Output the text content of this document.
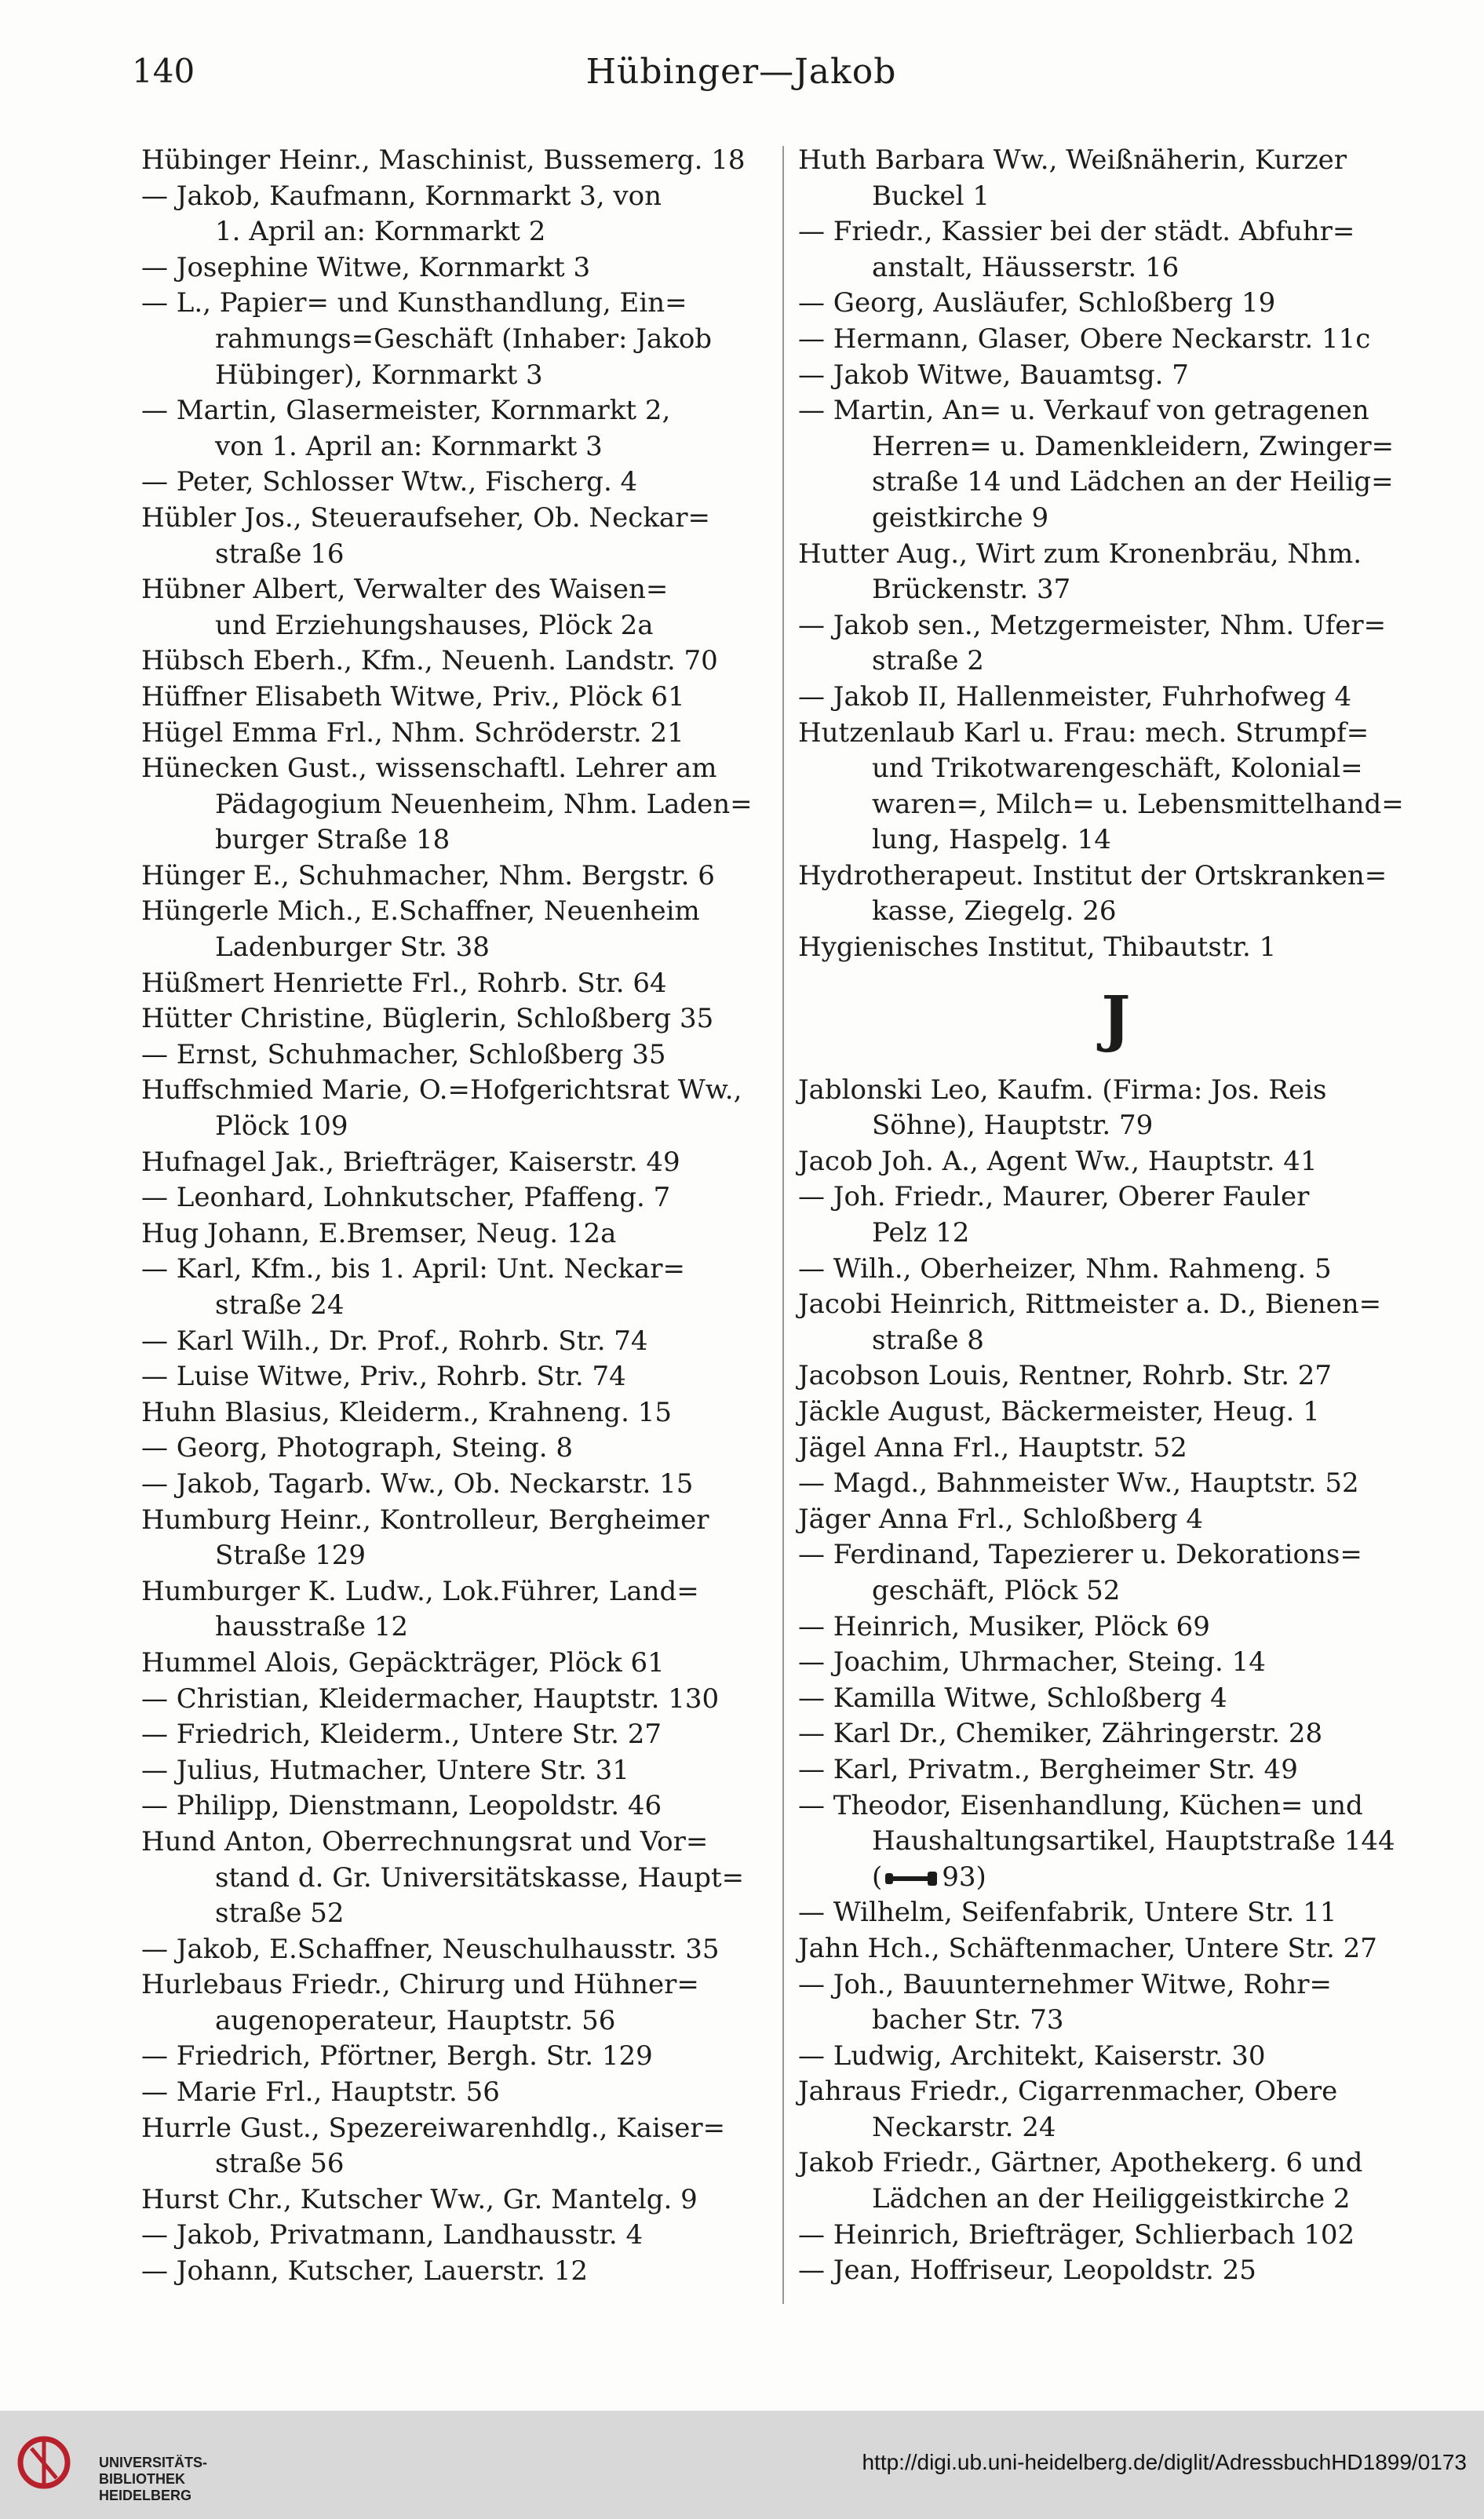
140	Hübinger—Jakob
Hübinger Heinr., Maschinist, Bussemerg. 18
— Jakob, Kaufmann, Kornmarkt 3, von
1. April an: Kornmarkt 2
— Josephine Witwe, Kornmarkt 3
— L., Papier= und Kunsthandlung, Ein=
rahmungs=Geschäft (Inhaber: Jakob
Hübinger), Kornmarkt 3
— Martin, Glasermeister, Kornmarkt 2,
von 1. April an: Kornmarkt 3
— Peter, Schlosser Wtw., Fischerg. 4
Hübler Jos., Steueraufseher, Ob. Neckar=
straße 16
Hübner Albert, Verwalter des Waisen=
und Erziehungshauses, Plöck 2a
Hübsch Eberh., Kfm., Neuenh. Landstr. 70
Hüffner Elisabeth Witwe, Priv., Plöck 61
Hügel Emma Frl., Nhm. Schröderstr. 21
Hünecken Gust., wissenschaftl. Lehrer am
Pädagogium Neuenheim, Nhm. Laden=
burger Straße 18
Hünger E., Schuhmacher, Nhm. Bergstr. 6
Hüngerle Mich., E.Schaffner, Neuenheim
Ladenburger Str. 38
Hüßmert Henriette Frl., Rohrb. Str. 64
Hütter Christine, Büglerin, Schloßberg 35
— Ernst, Schuhmacher, Schloßberg 35
Huffschmied Marie, O.=Hofgerichtsrat Ww.,
Plöck 109
Hufnagel Jak., Briefträger, Kaiserstr. 49
— Leonhard, Lohnkutscher, Pfaffeng. 7
Hug Johann, E.Bremser, Neug. 12a
— Karl, Kfm., bis 1. April: Unt. Neckar=
straße 24
— Karl Wilh., Dr. Prof., Rohrb. Str. 74
— Luise Witwe, Priv., Rohrb. Str. 74
Huhn Blasius, Kleiderm., Krahneng. 15
— Georg, Photograph, Steing. 8
— Jakob, Tagarb. Ww., Ob. Neckarstr. 15
Humburg Heinr., Kontrolleur, Bergheimer
Straße 129
Humburger K. Ludw., Lok.Führer, Land=
hausstraße 12
Hummel Alois, Gepäckträger, Plöck 61
— Christian, Kleidermacher, Hauptstr. 130
— Friedrich, Kleiderm., Untere Str. 27
— Julius, Hutmacher, Untere Str. 31
— Philipp, Dienstmann, Leopoldstr. 46
Hund Anton, Oberrechnungsrat und Vor=
stand d. Gr. Universitätskasse, Haupt=
straße 52
— Jakob, E.Schaffner, Neuschulhausstr. 35
Hurlebaus Friedr., Chirurg und Hühner=
augenoperateur, Hauptstr. 56
— Friedrich, Pförtner, Bergh. Str. 129
— Marie Frl., Hauptstr. 56
Hurrle Gust., Spezereiwarenhdlg., Kaiser=
straße 56
Hurst Chr., Kutscher Ww., Gr. Mantelg. 9
— Jakob, Privatmann, Landhausstr. 4
— Johann, Kutscher, Lauerstr. 12
Huth Barbara Ww., Weißnäherin, Kurzer
Buckel 1
— Friedr., Kassier bei der städt. Abfuhr=
anstalt, Häusserstr. 16
— Georg, Ausläufer, Schloßberg 19
— Hermann, Glaser, Obere Neckarstr. 11c
— Jakob Witwe, Bauamtsg. 7
— Martin, An= u. Verkauf von getragenen
Herren= u. Damenkleidern, Zwinger=
straße 14 und Lädchen an der Heilig=
geistkirche 9
Hutter Aug., Wirt zum Kronenbräu, Nhm.
Brückenstr. 37
— Jakob sen., Metzgermeister, Nhm. Ufer=
straße 2
— Jakob II, Hallenmeister, Fuhrhofweg 4
Hutzenlaub Karl u. Frau: mech. Strumpf=
und Trikotwarengeschäft, Kolonial=
waren=, Milch= u. Lebensmittelhand=
lung, Haspelg. 14
Hydrotherapeut. Institut der Ortskranken=
kasse, Ziegelg. 26
Hygienisches Institut, Thibautstr. 1
J
Jablonski Leo, Kaufm. (Firma: Jos. Reis
Söhne), Hauptstr. 79
Jacob Joh. A., Agent Ww., Hauptstr. 41
— Joh. Friedr., Maurer, Oberer Fauler
Pelz 12
— Wilh., Oberheizer, Nhm. Rahmeng. 5
Jacobi Heinrich, Rittmeister a. D., Bienen=
straße 8
Jacobson Louis, Rentner, Rohrb. Str. 27
Jäckle August, Bäckermeister, Heug. 1
Jägel Anna Frl., Hauptstr. 52
— Magd., Bahnmeister Ww., Hauptstr. 52
Jäger Anna Frl., Schloßberg 4
— Ferdinand, Tapezierer u. Dekorations=
geschäft, Plöck 52
— Heinrich, Musiker, Plöck 69
— Joachim, Uhrmacher, Steing. 14
— Kamilla Witwe, Schloßberg 4
— Karl Dr., Chemiker, Zähringerstr. 28
— Karl, Privatm., Bergheimer Str. 49
— Theodor, Eisenhandlung, Küchen= und
Haushaltungsartikel, Hauptstraße 144
( 93)
— Wilhelm, Seifenfabrik, Untere Str. 11
Jahn Hch., Schäftenmacher, Untere Str. 27
— Joh., Bauunternehmer Witwe, Rohr=
bacher Str. 73
— Ludwig, Architekt, Kaiserstr. 30
Jahraus Friedr., Cigarrenmacher, Obere
Neckarstr. 24
Jakob Friedr., Gärtner, Apothekerg. 6 und
Lädchen an der Heiliggeistkirche 2
— Heinrich, Briefträger, Schlierbach 102
— Jean, Hoffriseur, Leopoldstr. 25
UNIVERSITÄTS-
BIBLIOTHEK
HEIDELBERG
http://digi.ub.uni-heidelberg.de/diglit/AdressbuchHD1899/0173
